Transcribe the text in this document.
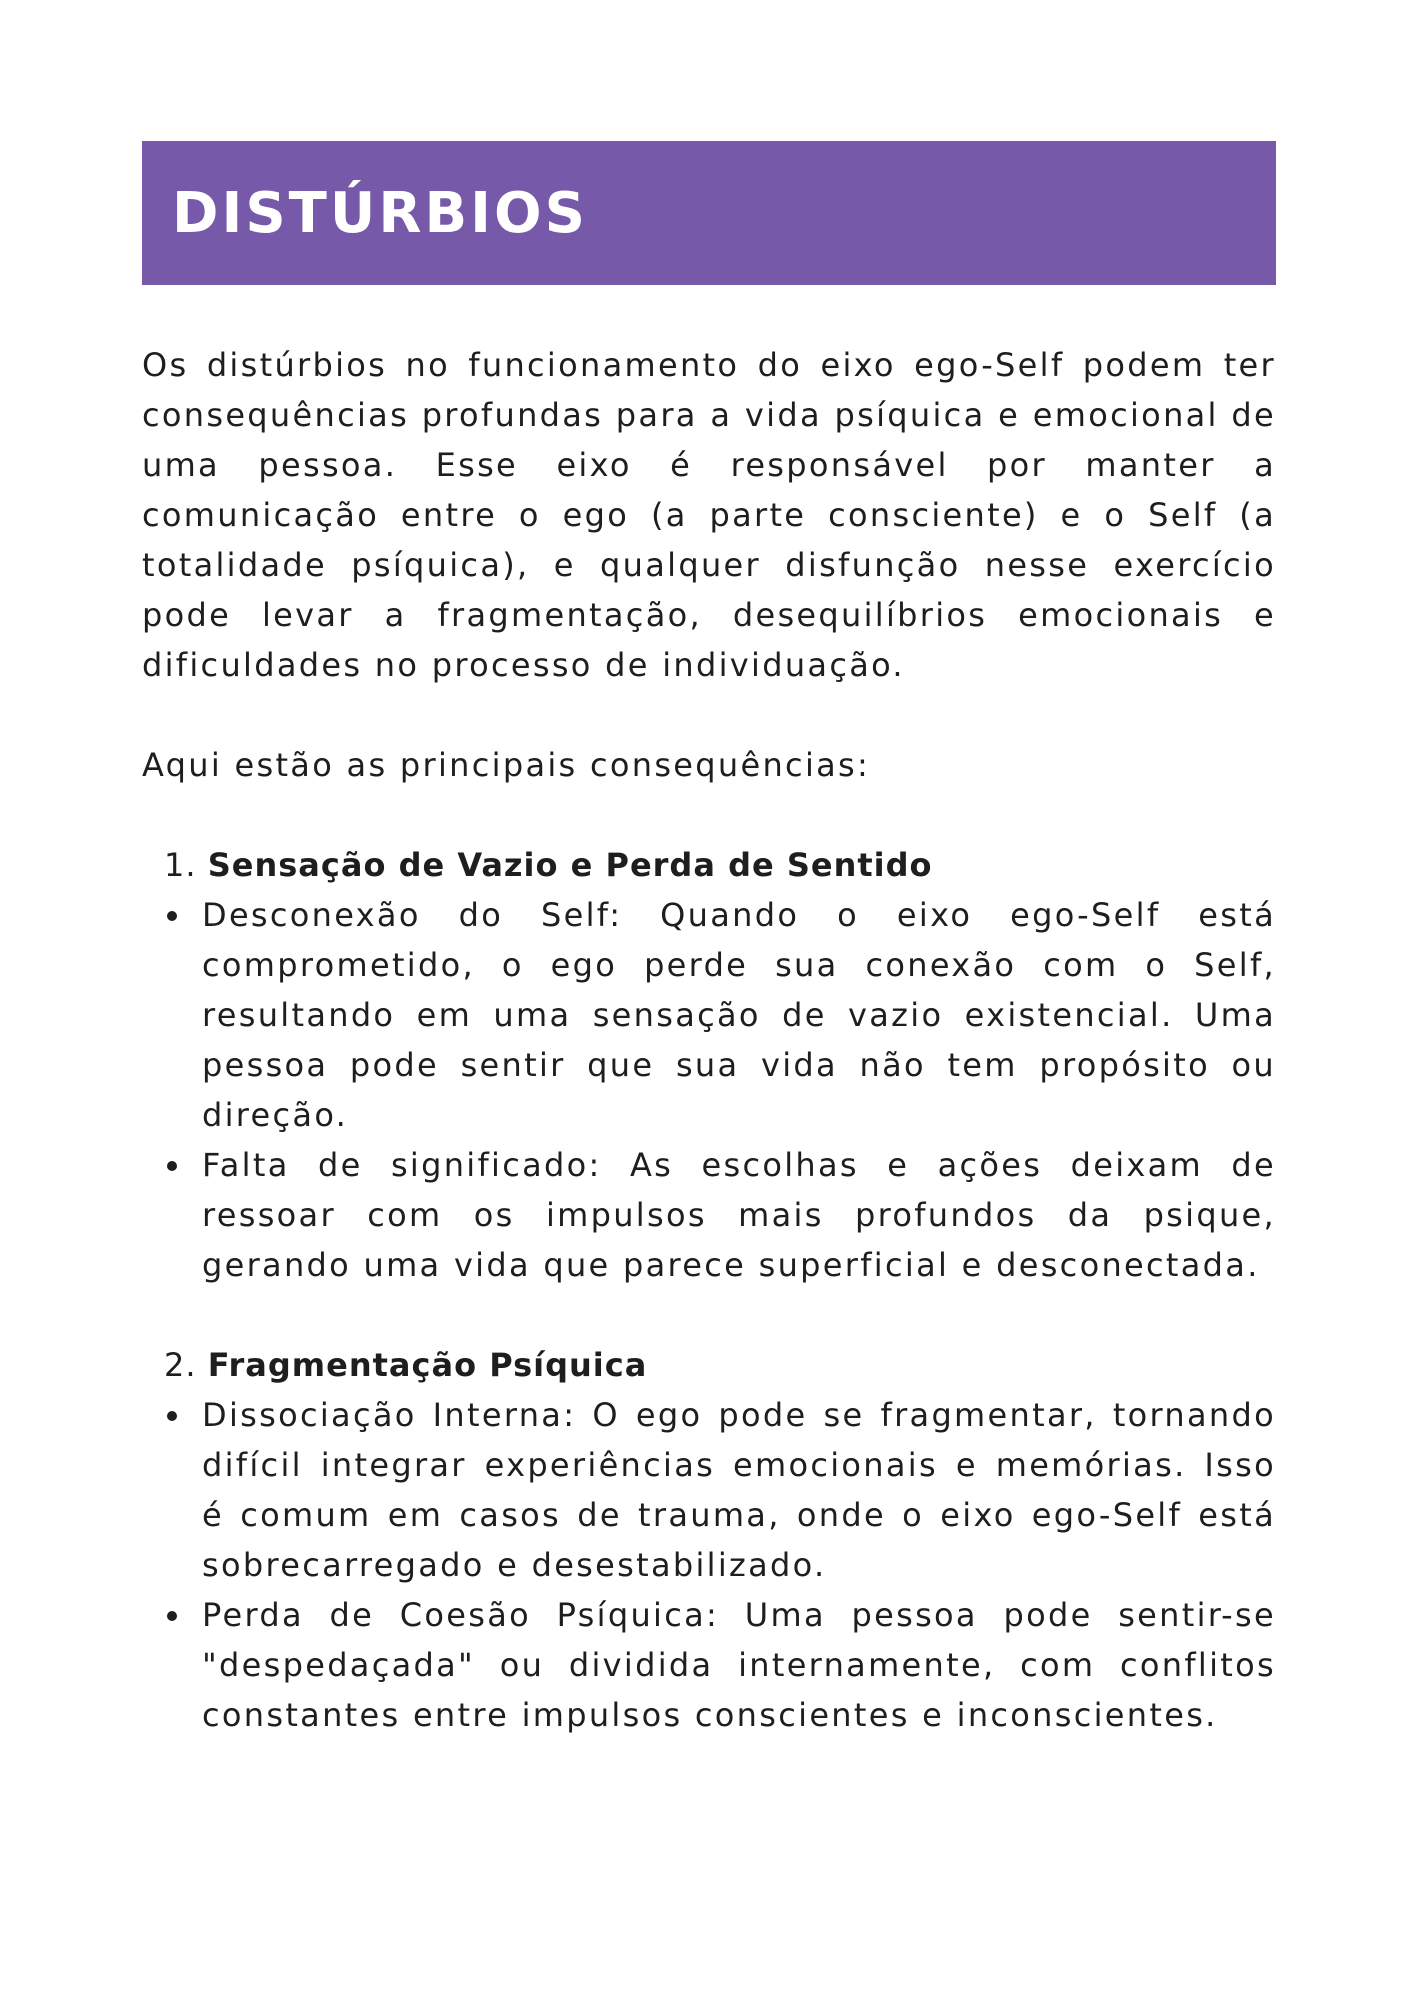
DISTÚRBIOS

Os distúrbios no funcionamento do eixo ego-Self podem ter consequências profundas para a vida psíquica e emocional de uma pessoa. Esse eixo é responsável por manter a comunicação entre o ego (a parte consciente) e o Self (a totalidade psíquica), e qualquer disfunção nesse exercício pode levar a fragmentação, desequilíbrios emocionais e dificuldades no processo de individuação.

Aqui estão as principais consequências:

1. Sensação de Vazio e Perda de Sentido

Desconexão do Self: Quando o eixo ego-Self está comprometido, o ego perde sua conexão com o Self, resultando em uma sensação de vazio existencial. Uma pessoa pode sentir que sua vida não tem propósito ou direção.
Falta de significado: As escolhas e ações deixam de ressoar com os impulsos mais profundos da psique, gerando uma vida que parece superficial e desconectada.

2. Fragmentação Psíquica

Dissociação Interna: O ego pode se fragmentar, tornando difícil integrar experiências emocionais e memórias. Isso é comum em casos de trauma, onde o eixo ego-Self está sobrecarregado e desestabilizado.
Perda de Coesão Psíquica: Uma pessoa pode sentir-se "despedaçada" ou dividida internamente, com conflitos constantes entre impulsos conscientes e inconscientes.
